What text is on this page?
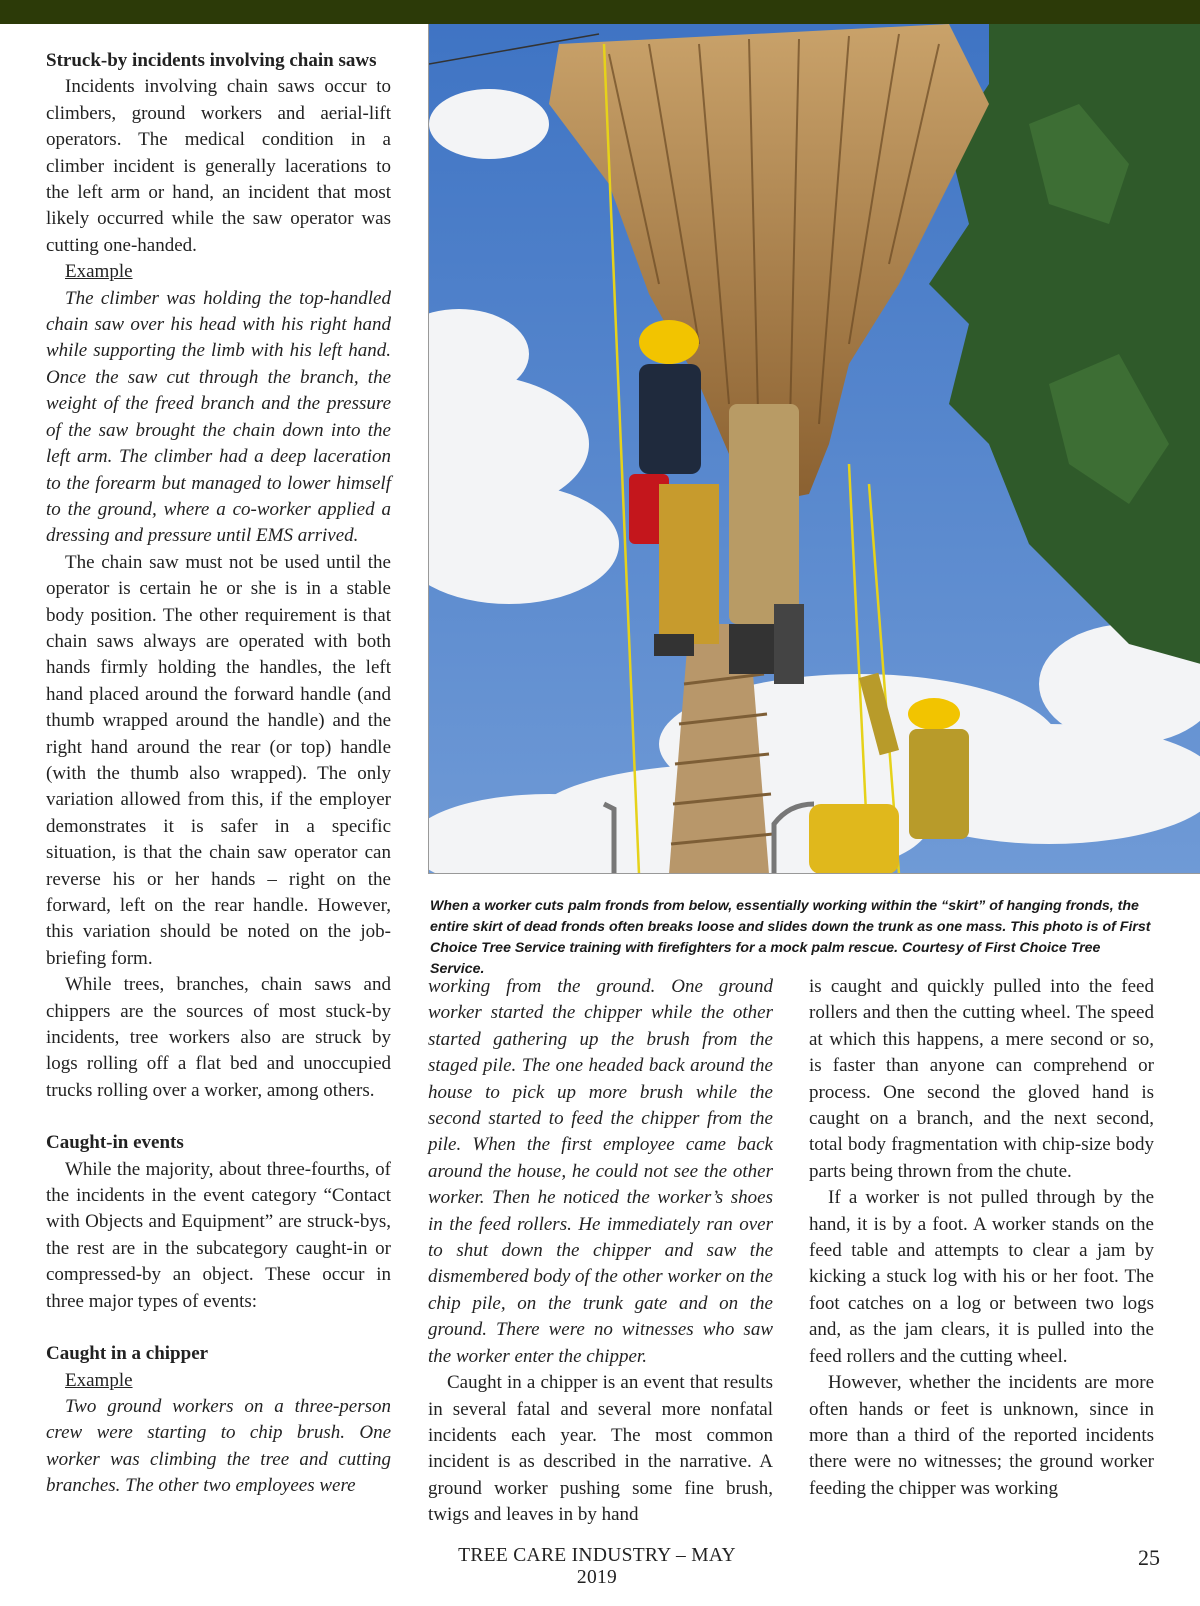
Struck-by incidents involving chain saws

Incidents involving chain saws occur to climbers, ground workers and aerial-lift operators. The medical condition in a climber incident is generally lacerations to the left arm or hand, an incident that most likely occurred while the saw operator was cutting one-handed.

Example

The climber was holding the top-handled chain saw over his head with his right hand while supporting the limb with his left hand. Once the saw cut through the branch, the weight of the freed branch and the pressure of the saw brought the chain down into the left arm. The climber had a deep laceration to the forearm but managed to lower himself to the ground, where a co-worker applied a dressing and pressure until EMS arrived.

The chain saw must not be used until the operator is certain he or she is in a stable body position. The other requirement is that chain saws always are operated with both hands firmly holding the handles, the left hand placed around the forward handle (and thumb wrapped around the handle) and the right hand around the rear (or top) handle (with the thumb also wrapped). The only variation allowed from this, if the employer demonstrates it is safer in a specific situation, is that the chain saw operator can reverse his or her hands – right on the forward, left on the rear handle. However, this variation should be noted on the job-briefing form.

While trees, branches, chain saws and chippers are the sources of most stuck-by incidents, tree workers also are struck by logs rolling off a flat bed and unoccupied trucks rolling over a worker, among others.

Caught-in events

While the majority, about three-fourths, of the incidents in the event category “Contact with Objects and Equipment” are struck-bys, the rest are in the subcategory caught-in or compressed-by an object. These occur in three major types of events:

Caught in a chipper

Example

Two ground workers on a three-person crew were starting to chip brush. One worker was climbing the tree and cutting branches. The other two employees were

When a worker cuts palm fronds from below, essentially working within the “skirt” of hanging fronds, the entire skirt of dead fronds often breaks loose and slides down the trunk as one mass. This photo is of First Choice Tree Service training with firefighters for a mock palm rescue. Courtesy of First Choice Tree Service.

working from the ground. One ground worker started the chipper while the other started gathering up the brush from the staged pile. The one headed back around the house to pick up more brush while the second started to feed the chipper from the pile. When the first employee came back around the house, he could not see the other worker. Then he noticed the worker’s shoes in the feed rollers. He immediately ran over to shut down the chipper and saw the dismembered body of the other worker on the chip pile, on the trunk gate and on the ground. There were no witnesses who saw the worker enter the chipper.

Caught in a chipper is an event that results in several fatal and several more nonfatal incidents each year. The most common incident is as described in the narrative. A ground worker pushing some fine brush, twigs and leaves in by hand

is caught and quickly pulled into the feed rollers and then the cutting wheel. The speed at which this happens, a mere second or so, is faster than anyone can comprehend or process. One second the gloved hand is caught on a branch, and the next second, total body fragmentation with chip-size body parts being thrown from the chute.

If a worker is not pulled through by the hand, it is by a foot. A worker stands on the feed table and attempts to clear a jam by kicking a stuck log with his or her foot. The foot catches on a log or between two logs and, as the jam clears, it is pulled into the feed rollers and the cutting wheel.

However, whether the incidents are more often hands or feet is unknown, since in more than a third of the reported incidents there were no witnesses; the ground worker feeding the chipper was working

TREE CARE INDUSTRY – MAY 2019
25
